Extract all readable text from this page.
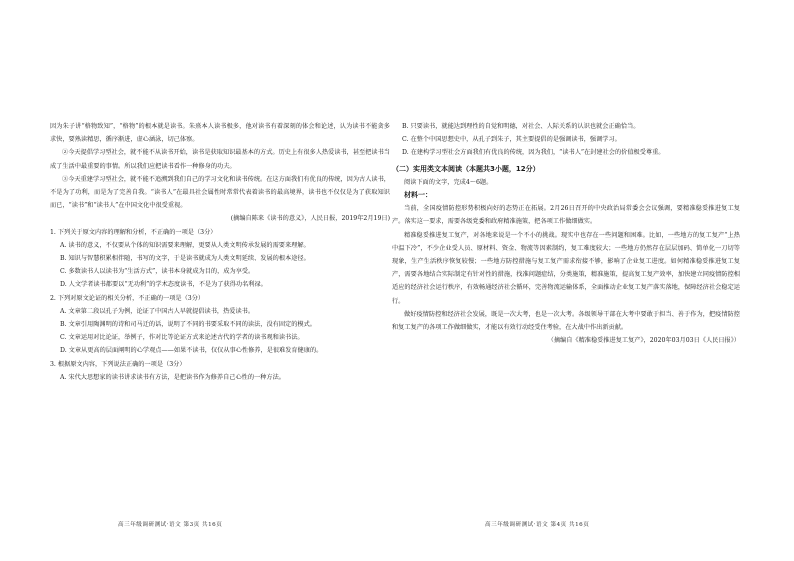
因为朱子讲“格物致知”，“格物”的根本就是读书。朱熹本人读书极多，他对读书有着深刻的体会和论述，认为读书不能贪多求快，要熟读精思，循序渐进，虚心涵泳，切己体察。

②今天提倡学习型社会，就不能不从读书开始，读书是获取知识最基本的方式。历史上有很多人热爱读书，甚至把读书当成了生活中最重要的事情。所以我们应把读书看作一种修身的功夫。

③今天重建学习型社会，就不能不追溯到我们自己的学习文化和读书传统。在这方面我们有优良的传统，因为古人读书，不是为了功利，而是为了完善自我。“读书人”在最具社会属性时常常代表着读书的最高境界，读书也不仅仅是为了获取知识而已，“读书”和“读书人”在中国文化中很受重视。

(摘编自陈来《读书的意义》，人民日报，2019年2月19日)

1. 下列关于原文内容的理解和分析，不正确的一项是（3分）

A. 读书的意义，不仅要从个体的知识需要来理解，更要从人类文明传承发展的需要来理解。

B. 知识与智慧积累相伴随，书写的文字，于是读书就成为人类文明延续、发展的根本途径。

C. 多数读书人以读书为“生活方式”，读书本身就成为目的，成为享受。

D. 人文学者读书都要以“无功利”的学术态度读书，不是为了获得功名利禄。

2. 下列对原文论证的相关分析，不正确的一项是（3分）

A. 文章第二段以孔子为例，论证了中国古人早就提倡读书，热爱读书。

B. 文章引用陶渊明的诗和司马迁的话，说明了不同的书要采取不同的读法，没有固定的模式。

C. 文章运用对比论证，举例子，作对比等论证方式来论述古代的学者的读书观和读书法。

D. 文章从更高的层面阐明的心学观点——如果不读书，仅仅从事心性修养，是很难发育健康的。

3. 根据原文内容，下列说法正确的一项是（3分）

A. 宋代大思想家的读书讲求读书有方法，是把读书作为修养自己心性的一种方法。

B. 只要读书，就能达到理性的自觉和明德，对社会、人际关系的认识也就会正确恰当。

C. 在整个中国思想史中，从孔子到朱子，其主要提倡的是强调读书，强调学习。

D. 在建构学习型社会方面我们有优良的传统，因为我们，“读书人”在封建社会的价值极受尊重。

（二）实用类文本阅读（本题共3小题，12分）

阅读下面的文字，完成4～6题。

材料一：

当前，全国疫情防控形势积极向好的态势正在拓展。2月26日召开的中央政治局常委会会议强调，要精准稳妥推进复工复产。落实这一要求，需要各级党委和政府精准施策，把各项工作做细做实。

精准稳妥推进复工复产，对各地来说是一个不小的挑战。现实中也存在一些问题和困难。比如，一些地方的复工复产“上热中温下冷”，不少企业受人员、原材料、资金、物流等因素制约，复工难度较大；一些地方仍然存在层层加码、简单化一刀切等现象，生产生活秩序恢复较慢；一些地方防控措施与复工复产需求衔接不够，影响了企业复工进度。如何精准稳妥推进复工复产，需要各地结合实际制定有针对性的措施，找准问题症结，分类施策，精准施策，提高复工复产效率，加快建立同疫情防控相适应的经济社会运行秩序，有效畅通经济社会循环，完善物流运输体系，全面推动企业复工复产落实落地，保障经济社会稳定运行。

做好疫情防控和经济社会发展，既是一次大考，也是一次大考。各级领导干部在大考中要敢于担当、善于作为，把疫情防控和复工复产的各项工作做细做实，才能以有效行动经受住考验，在大战中作出新贡献。

（摘编自《精准稳妥推进复工复产》，2020年03月03日《人民日报》）

高三年级调研测试·语文 第3页 共16页	高三年级调研测试·语文 第4页 共16页
